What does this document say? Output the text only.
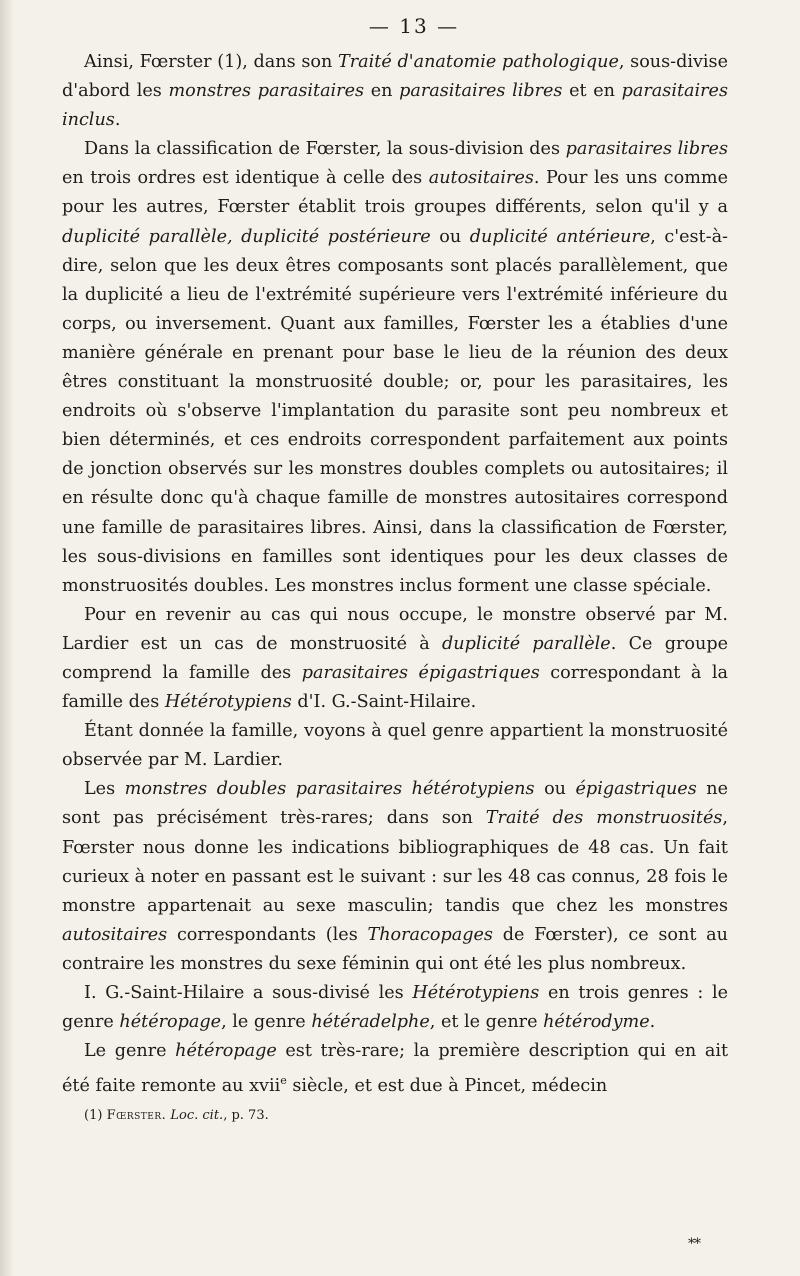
— 13 —

Ainsi, Fœrster (1), dans son Traité d'anatomie pathologique, sous-divise d'abord les monstres parasitaires en parasitaires libres et en parasitaires inclus.

Dans la classification de Fœrster, la sous-division des parasitaires libres en trois ordres est identique à celle des autositaires. Pour les uns comme pour les autres, Fœrster établit trois groupes différents, selon qu'il y a duplicité parallèle, duplicité postérieure ou duplicité antérieure, c'est-à-dire, selon que les deux êtres composants sont placés parallèlement, que la duplicité a lieu de l'extrémité supérieure vers l'extrémité inférieure du corps, ou inversement. Quant aux familles, Fœrster les a établies d'une manière générale en prenant pour base le lieu de la réunion des deux êtres constituant la monstruosité double; or, pour les parasitaires, les endroits où s'observe l'implantation du parasite sont peu nombreux et bien déterminés, et ces endroits correspondent parfaitement aux points de jonction observés sur les monstres doubles complets ou autositaires; il en résulte donc qu'à chaque famille de monstres autositaires correspond une famille de parasitaires libres. Ainsi, dans la classification de Fœrster, les sous-divisions en familles sont identiques pour les deux classes de monstruosités doubles. Les monstres inclus forment une classe spéciale.

Pour en revenir au cas qui nous occupe, le monstre observé par M. Lardier est un cas de monstruosité à duplicité parallèle. Ce groupe comprend la famille des parasitaires épigastriques correspondant à la famille des Hétérotypiens d'I. G.-Saint-Hilaire.

Étant donnée la famille, voyons à quel genre appartient la monstruosité observée par M. Lardier.

Les monstres doubles parasitaires hétérotypiens ou épigastriques ne sont pas précisément très-rares; dans son Traité des monstruosités, Fœrster nous donne les indications bibliographiques de 48 cas. Un fait curieux à noter en passant est le suivant : sur les 48 cas connus, 28 fois le monstre appartenait au sexe masculin; tandis que chez les monstres autositaires correspondants (les Thoracopages de Fœrster), ce sont au contraire les monstres du sexe féminin qui ont été les plus nombreux.

I. G.-Saint-Hilaire a sous-divisé les Hétérotypiens en trois genres : le genre hétéropage, le genre hétéradelphe, et le genre hétérodyme.

Le genre hétéropage est très-rare; la première description qui en ait été faite remonte au xvii$^e$ siècle, et est due à Pincet, médecin

(1) Fœrster. Loc. cit., p. 73.
**
